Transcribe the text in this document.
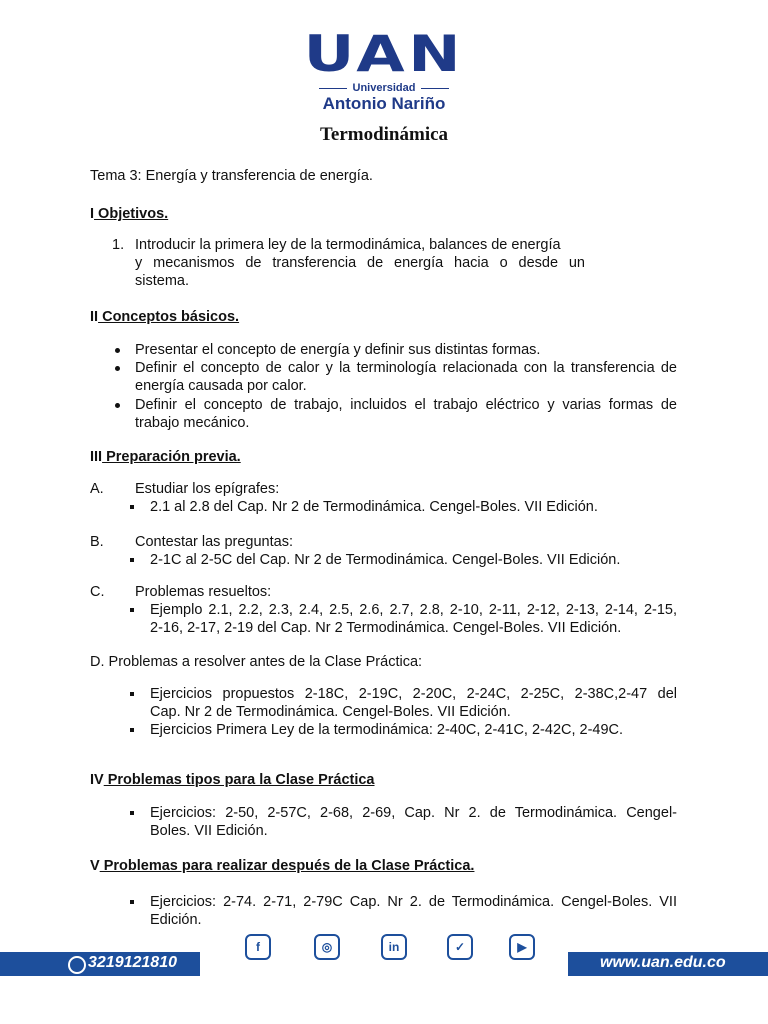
UAN
Universidad
Antonio Nariño
Termodinámica
Tema 3: Energía y transferencia de energía.
I Objetivos.
1. Introducir la primera ley de la termodinámica, balances de energía
y mecanismos de transferencia de energía hacia o desde un
sistema.
II Conceptos básicos.
Presentar el concepto de energía y definir sus distintas formas.
Definir el concepto de calor y la terminología relacionada con la transferencia de
energía causada por calor.
Definir el concepto de trabajo, incluidos el trabajo eléctrico y varias formas de
trabajo mecánico.
III Preparación previa.
A. Estudiar los epígrafes:
2.1 al 2.8 del Cap. Nr 2 de Termodinámica. Cengel-Boles. VII Edición.
B. Contestar las preguntas:
2-1C al 2-5C del Cap. Nr 2 de Termodinámica. Cengel-Boles. VII Edición.
C. Problemas resueltos:
Ejemplo 2.1, 2.2, 2.3, 2.4, 2.5, 2.6, 2.7, 2.8, 2-10, 2-11, 2-12, 2-13, 2-14, 2-15,
2-16, 2-17, 2-19 del Cap. Nr 2 Termodinámica. Cengel-Boles. VII Edición.
D. Problemas a resolver antes de la Clase Práctica:
Ejercicios propuestos 2-18C, 2-19C, 2-20C, 2-24C, 2-25C, 2-38C,2-47 del
Cap. Nr 2 de Termodinámica. Cengel-Boles. VII Edición.
Ejercicios Primera Ley de la termodinámica: 2-40C, 2-41C, 2-42C, 2-49C.
IV Problemas tipos para la Clase Práctica
Ejercicios: 2-50, 2-57C, 2-68, 2-69, Cap. Nr 2. de Termodinámica. Cengel-
Boles. VII Edición.
V Problemas para realizar después de la Clase Práctica.
Ejercicios: 2-74. 2-71, 2-79C Cap. Nr 2. de Termodinámica. Cengel-Boles. VII
Edición.
3219121810
f	◎	in	✓	▶
www.uan.edu.co
